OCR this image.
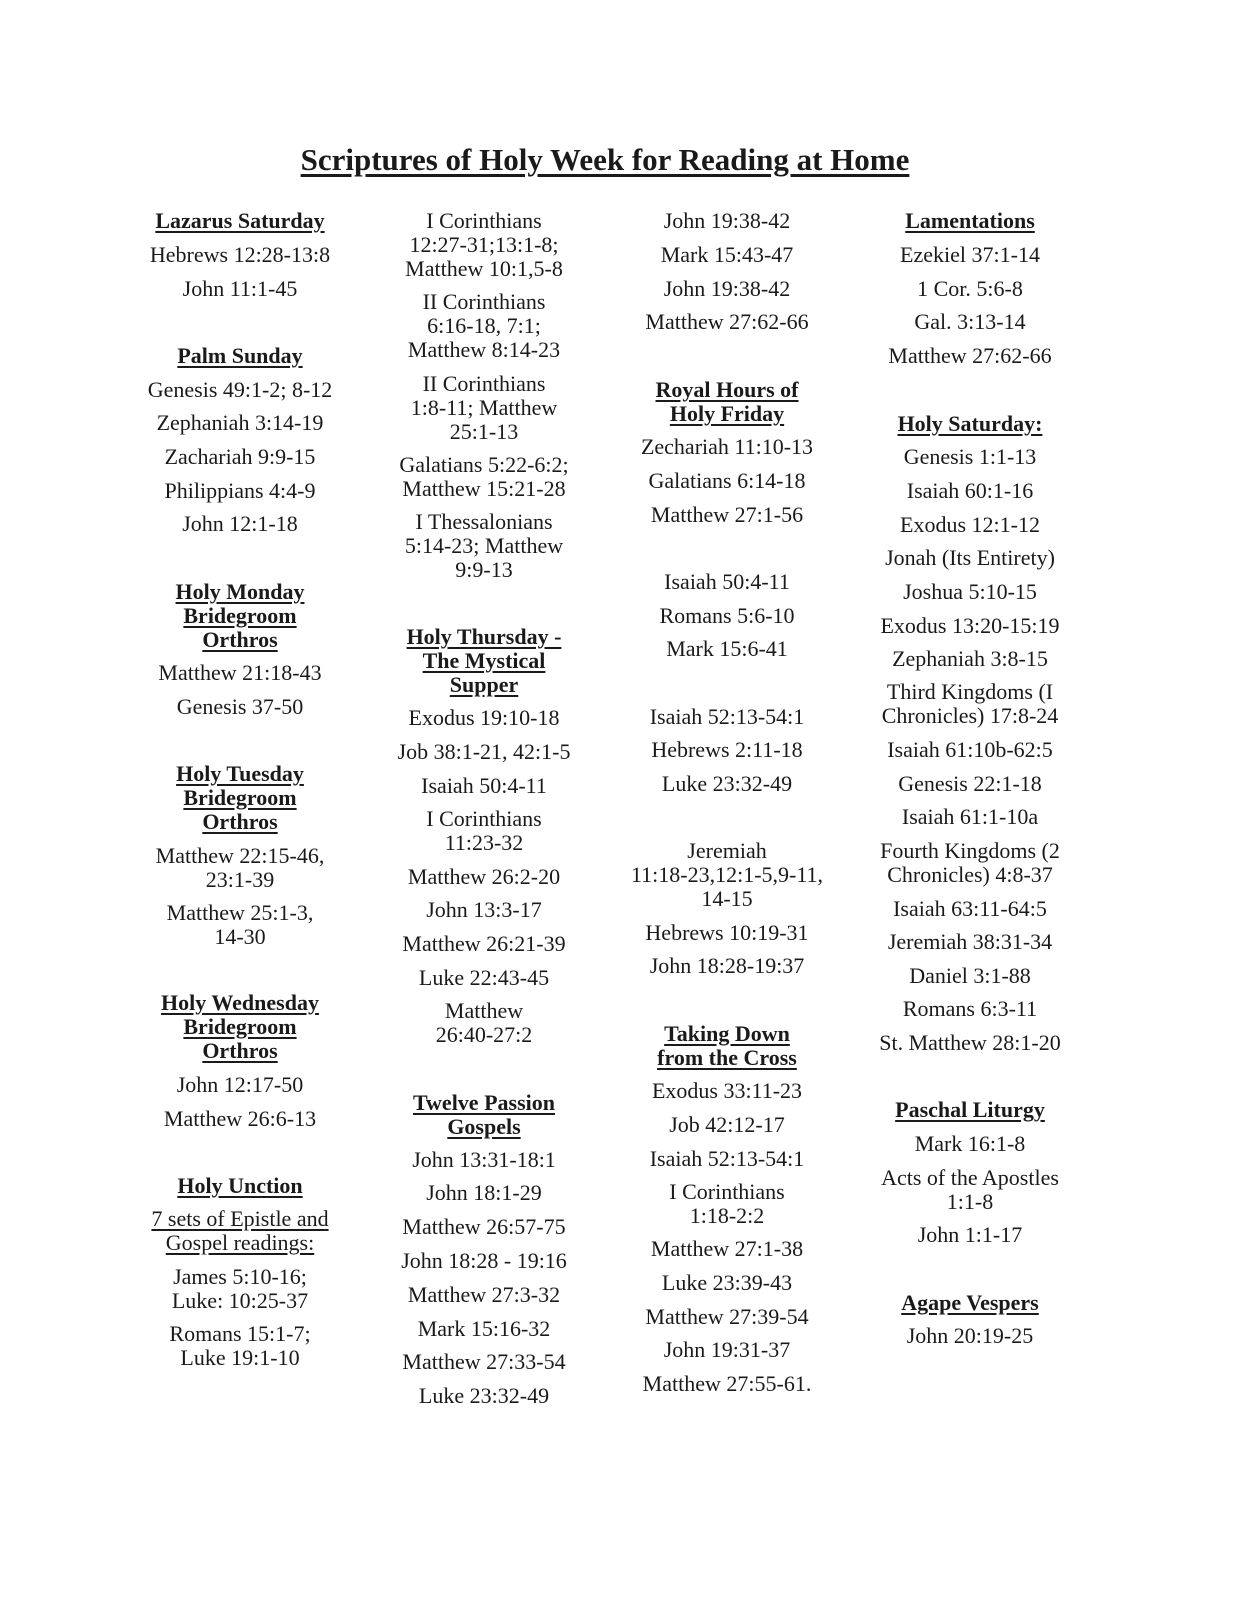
Scriptures of Holy Week for Reading at Home
Lazarus Saturday
Hebrews 12:28-13:8
John 11:1-45
Palm Sunday
Genesis 49:1-2; 8-12
Zephaniah 3:14-19
Zachariah 9:9-15
Philippians 4:4-9
John 12:1-18
Holy Monday
Bridegroom
Orthros
Matthew 21:18-43
Genesis 37-50
Holy Tuesday
Bridegroom
Orthros
Matthew 22:15-46,
23:1-39
Matthew 25:1-3,
14-30
Holy Wednesday
Bridegroom
Orthros
John 12:17-50
Matthew 26:6-13
Holy Unction
7 sets of Epistle and
Gospel readings:
James 5:10-16;
Luke: 10:25-37
Romans 15:1-7;
Luke 19:1-10
I Corinthians
12:27-31;13:1-8;
Matthew 10:1,5-8
II Corinthians
6:16-18, 7:1;
Matthew 8:14-23
II Corinthians
1:8-11; Matthew
25:1-13
Galatians 5:22-6:2;
Matthew 15:21-28
I Thessalonians
5:14-23; Matthew
9:9-13
Holy Thursday -
The Mystical
Supper
Exodus 19:10-18
Job 38:1-21, 42:1-5
Isaiah 50:4-11
I Corinthians
11:23-32
Matthew 26:2-20
John 13:3-17
Matthew 26:21-39
Luke 22:43-45
Matthew
26:40-27:2
Twelve Passion
Gospels
John 13:31-18:1
John 18:1-29
Matthew 26:57-75
John 18:28 - 19:16
Matthew 27:3-32
Mark 15:16-32
Matthew 27:33-54
Luke 23:32-49
John 19:38-42
Mark 15:43-47
John 19:38-42
Matthew 27:62-66
Royal Hours of
Holy Friday
Zechariah 11:10-13
Galatians 6:14-18
Matthew 27:1-56
Isaiah 50:4-11
Romans 5:6-10
Mark 15:6-41
Isaiah 52:13-54:1
Hebrews 2:11-18
Luke 23:32-49
Jeremiah
11:18-23,12:1-5,9-11,
14-15
Hebrews 10:19-31
John 18:28-19:37
Taking Down
from the Cross
Exodus 33:11-23
Job 42:12-17
Isaiah 52:13-54:1
I Corinthians
1:18-2:2
Matthew 27:1-38
Luke 23:39-43
Matthew 27:39-54
John 19:31-37
Matthew 27:55-61.
Lamentations
Ezekiel 37:1-14
1 Cor. 5:6-8
Gal. 3:13-14
Matthew 27:62-66
Holy Saturday:
Genesis 1:1-13
Isaiah 60:1-16
Exodus 12:1-12
Jonah (Its Entirety)
Joshua 5:10-15
Exodus 13:20-15:19
Zephaniah 3:8-15
Third Kingdoms (I
Chronicles) 17:8-24
Isaiah 61:10b-62:5
Genesis 22:1-18
Isaiah 61:1-10a
Fourth Kingdoms (2
Chronicles) 4:8-37
Isaiah 63:11-64:5
Jeremiah 38:31-34
Daniel 3:1-88
Romans 6:3-11
St. Matthew 28:1-20
Paschal Liturgy
Mark 16:1-8
Acts of the Apostles
1:1-8
John 1:1-17
Agape Vespers
John 20:19-25
